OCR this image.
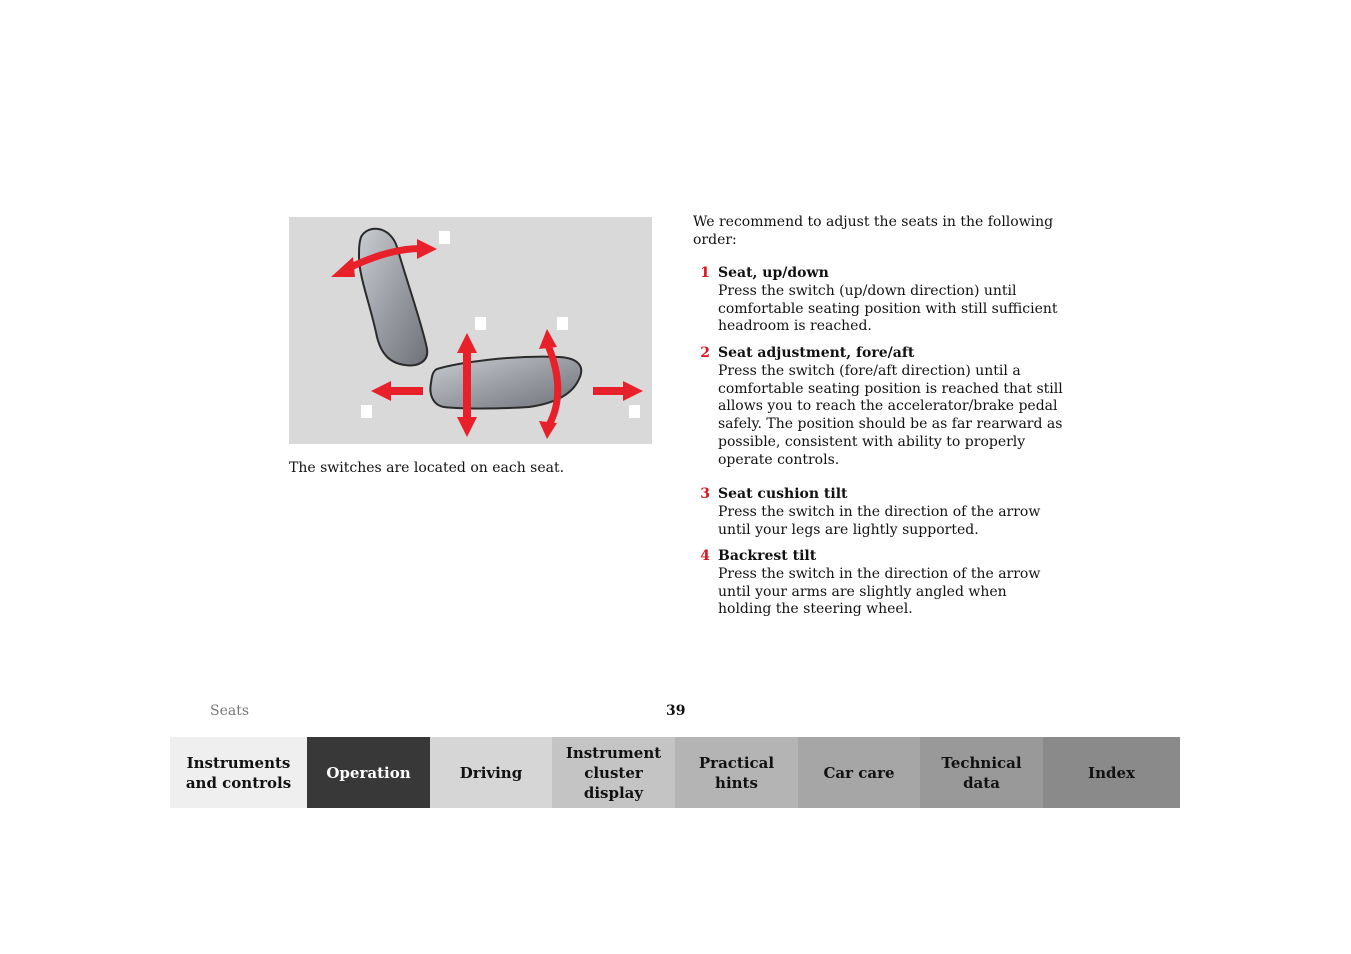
The switches are located on each seat.
We recommend to adjust the seats in the following order:
1 Seat, up/down
Press the switch (up/down direction) until comfortable seating position with still sufficient headroom is reached.
2 Seat adjustment, fore/aft
Press the switch (fore/aft direction) until a comfortable seating position is reached that still allows you to reach the accelerator/brake pedal safely. The position should be as far rearward as possible, consistent with ability to properly operate controls.
3 Seat cushion tilt
Press the switch in the direction of the arrow until your legs are lightly supported.
4 Backrest tilt
Press the switch in the direction of the arrow until your arms are slightly angled when holding the steering wheel.
Seats	39
Instruments
and controls
Operation	Driving
Instrument
cluster display
Practical hints
Car care
Technical
data
Index
